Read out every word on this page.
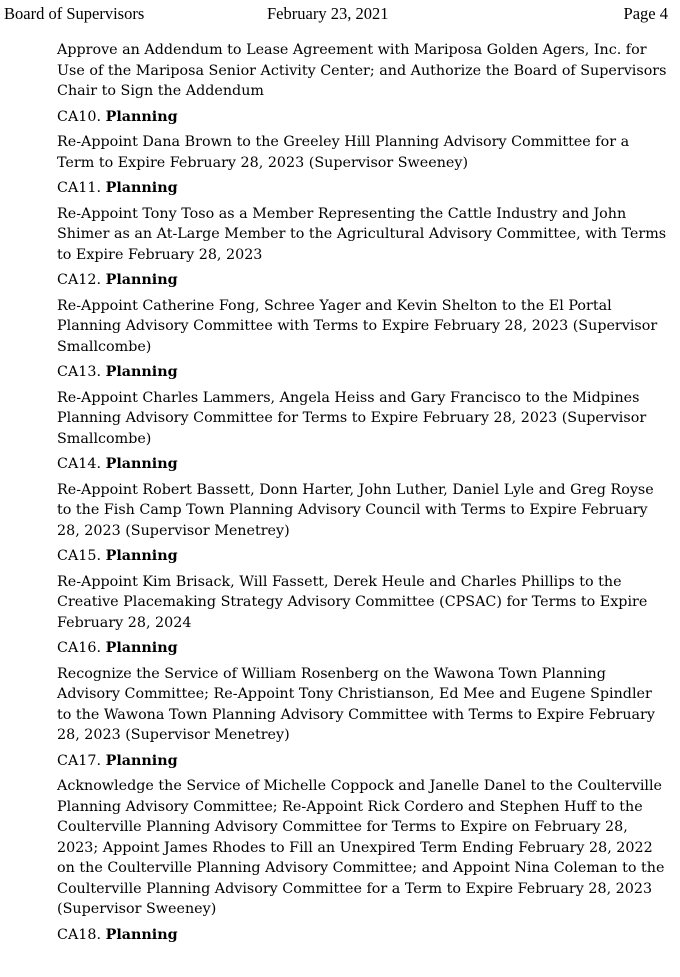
Board of Supervisors	February 23, 2021	Page 4

Approve an Addendum to Lease Agreement with Mariposa Golden Agers, Inc. for Use of the Mariposa Senior Activity Center; and Authorize the Board of Supervisors Chair to Sign the Addendum

CA10. Planning

Re-Appoint Dana Brown to the Greeley Hill Planning Advisory Committee for a Term to Expire February 28, 2023 (Supervisor Sweeney)

CA11. Planning

Re-Appoint Tony Toso as a Member Representing the Cattle Industry and John Shimer as an At-Large Member to the Agricultural Advisory Committee, with Terms to Expire February 28, 2023

CA12. Planning

Re-Appoint Catherine Fong, Schree Yager and Kevin Shelton to the El Portal Planning Advisory Committee with Terms to Expire February 28, 2023 (Supervisor Smallcombe)

CA13. Planning

Re-Appoint Charles Lammers, Angela Heiss and Gary Francisco to the Midpines Planning Advisory Committee for Terms to Expire February 28, 2023 (Supervisor Smallcombe)

CA14. Planning

Re-Appoint Robert Bassett, Donn Harter, John Luther, Daniel Lyle and Greg Royse to the Fish Camp Town Planning Advisory Council with Terms to Expire February 28, 2023 (Supervisor Menetrey)

CA15. Planning

Re-Appoint Kim Brisack, Will Fassett, Derek Heule and Charles Phillips to the Creative Placemaking Strategy Advisory Committee (CPSAC) for Terms to Expire February 28, 2024

CA16. Planning

Recognize the Service of William Rosenberg on the Wawona Town Planning Advisory Committee; Re-Appoint Tony Christianson, Ed Mee and Eugene Spindler to the Wawona Town Planning Advisory Committee with Terms to Expire February 28, 2023 (Supervisor Menetrey)

CA17. Planning

Acknowledge the Service of Michelle Coppock and Janelle Danel to the Coulterville Planning Advisory Committee; Re-Appoint Rick Cordero and Stephen Huff to the Coulterville Planning Advisory Committee for Terms to Expire on February 28, 2023; Appoint James Rhodes to Fill an Unexpired Term Ending February 28, 2022 on the Coulterville Planning Advisory Committee; and Appoint Nina Coleman to the Coulterville Planning Advisory Committee for a Term to Expire February 28, 2023 (Supervisor Sweeney)

CA18. Planning
